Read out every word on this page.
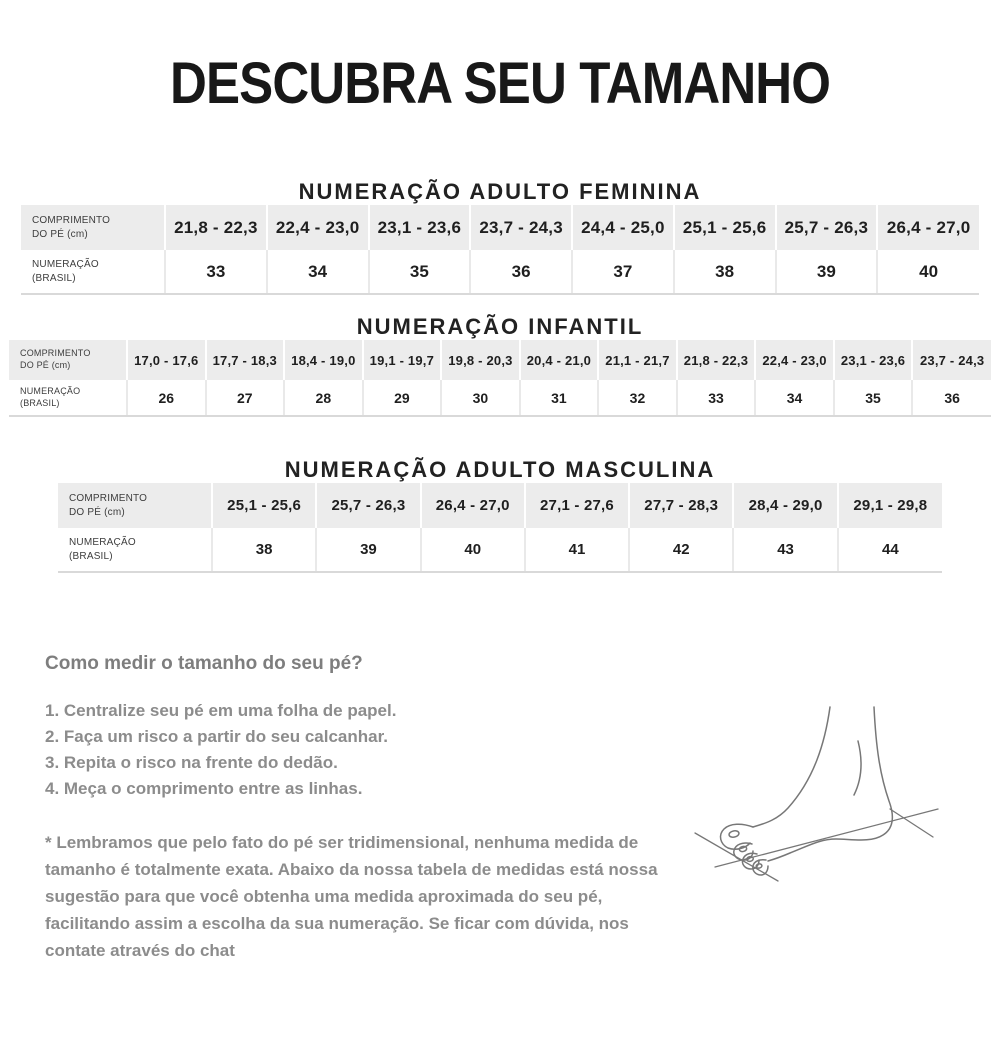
DESCUBRA SEU TAMANHO
NUMERAÇÃO ADULTO FEMININA
COMPRIMENTO
DO PÉ (cm)	21,8 - 22,3	22,4 - 23,0	23,1 - 23,6	23,7 - 24,3	24,4 - 25,0	25,1 - 25,6	25,7 - 26,3	26,4 - 27,0
NUMERAÇÃO
(BRASIL)	33	34	35	36	37	38	39	40
NUMERAÇÃO INFANTIL
COMPRIMENTO
DO PÉ (cm)	17,0 - 17,6	17,7 - 18,3	18,4 - 19,0	19,1 - 19,7	19,8 - 20,3	20,4 - 21,0	21,1 - 21,7	21,8 - 22,3	22,4 - 23,0	23,1 - 23,6	23,7 - 24,3
NUMERAÇÃO
(BRASIL)	26	27	28	29	30	31	32	33	34	35	36
NUMERAÇÃO ADULTO MASCULINA
COMPRIMENTO
DO PÉ (cm)	25,1 - 25,6	25,7 - 26,3	26,4 - 27,0	27,1 - 27,6	27,7 - 28,3	28,4 - 29,0	29,1 - 29,8
NUMERAÇÃO
(BRASIL)	38	39	40	41	42	43	44
Como medir o tamanho do seu pé?
1. Centralize seu pé em uma folha de papel.
2. Faça um risco a partir do seu calcanhar.
3. Repita o risco na frente do dedão.
4. Meça o comprimento entre as linhas.

* Lembramos que pelo fato do pé ser tridimensional, nenhuma medida de tamanho é totalmente exata. Abaixo da nossa tabela de medidas está nossa sugestão para que você obtenha uma medida aproximada do seu pé, facilitando assim a escolha da sua numeração. Se ficar com dúvida, nos contate através do chat
